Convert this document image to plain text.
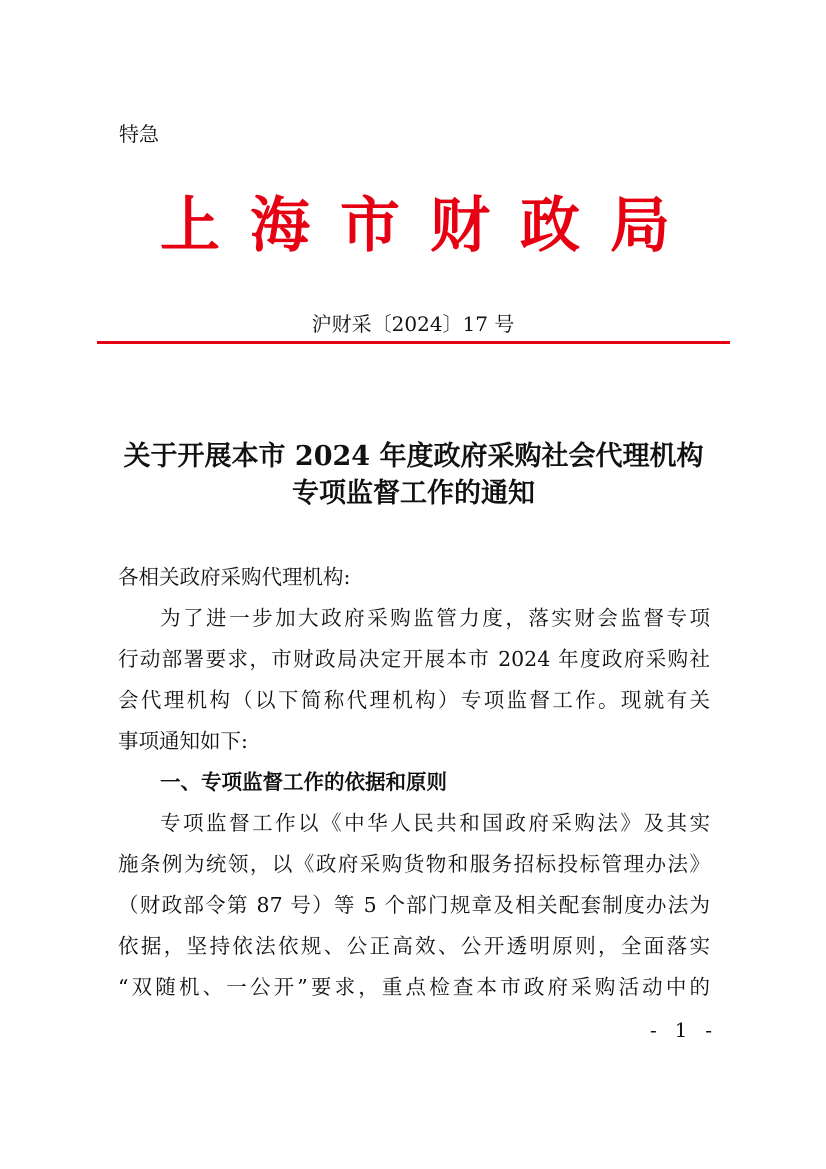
特急
上海市财政局
沪财采〔2024〕17 号
关于开展本市 2024 年度政府采购社会代理机构
专项监督工作的通知
各相关政府采购代理机构:
为了进一步加大政府采购监管力度，落实财会监督专项
行动部署要求，市财政局决定开展本市 2024 年度政府采购社
会代理机构（以下简称代理机构）专项监督工作。现就有关
事项通知如下:
一、专项监督工作的依据和原则
专项监督工作以《中华人民共和国政府采购法》及其实
施条例为统领，以《政府采购货物和服务招标投标管理办法》
（财政部令第 87 号）等 5 个部门规章及相关配套制度办法为
依据，坚持依法依规、公正高效、公开透明原则，全面落实
“双随机、一公开”要求，重点检查本市政府采购活动中的
- 1 -
